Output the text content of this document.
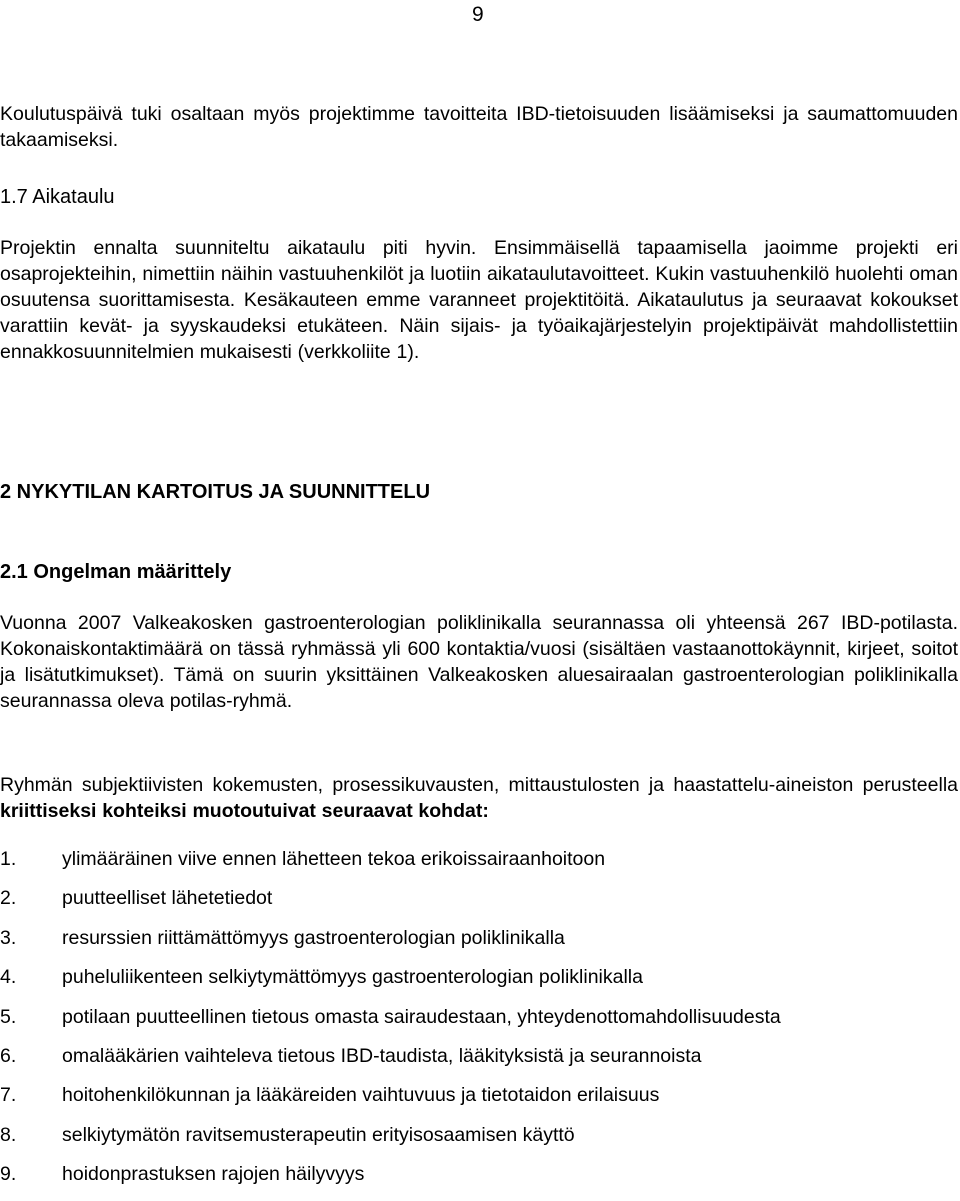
9

Koulutuspäivä tuki osaltaan myös projektimme tavoitteita IBD-tietoisuuden lisäämiseksi ja saumattomuuden takaamiseksi.

1.7 Aikataulu

Projektin ennalta suunniteltu aikataulu piti hyvin. Ensimmäisellä tapaamisella jaoimme projekti eri osaprojekteihin, nimettiin näihin vastuuhenkilöt ja luotiin aikataulutavoitteet. Kukin vastuuhenkilö huolehti oman osuutensa suorittamisesta. Kesäkauteen emme varanneet projektitöitä. Aikataulutus ja seuraavat kokoukset varattiin kevät- ja syyskaudeksi etukäteen. Näin sijais- ja työaikajärjestelyin projektipäivät mahdollistettiin ennakkosuunnitelmien mukaisesti (verkkoliite 1).

2 NYKYTILAN KARTOITUS JA SUUNNITTELU
2.1 Ongelman määrittely

Vuonna 2007 Valkeakosken gastroenterologian poliklinikalla seurannassa oli yhteensä 267 IBD-potilasta. Kokonaiskontaktimäärä on tässä ryhmässä yli 600 kontaktia/vuosi (sisältäen vastaanottokäynnit, kirjeet, soitot ja lisätutkimukset). Tämä on suurin yksittäinen Valkeakosken aluesairaalan gastroenterologian poliklinikalla seurannassa oleva potilas-ryhmä.

Ryhmän subjektiivisten kokemusten, prosessikuvausten, mittaustulosten ja haastattelu-aineiston perusteella kriittiseksi kohteiksi muotoutuivat seuraavat kohdat:

1. ylimääräinen viive ennen lähetteen tekoa erikoissairaanhoitoon
2. puutteelliset lähetetiedot
3. resurssien riittämättömyys gastroenterologian poliklinikalla
4. puheluliikenteen selkiytymättömyys gastroenterologian poliklinikalla
5. potilaan puutteellinen tietous omasta sairaudestaan, yhteydenottomahdollisuudesta
6. omalääkärien vaihteleva tietous IBD-taudista, lääkityksistä ja seurannoista
7. hoitohenkilökunnan ja lääkäreiden vaihtuvuus ja tietotaidon erilaisuus
8. selkiytymätön ravitsemusterapeutin erityisosaamisen käyttö
9. hoidonprastuksen rajojen häilyvyys
